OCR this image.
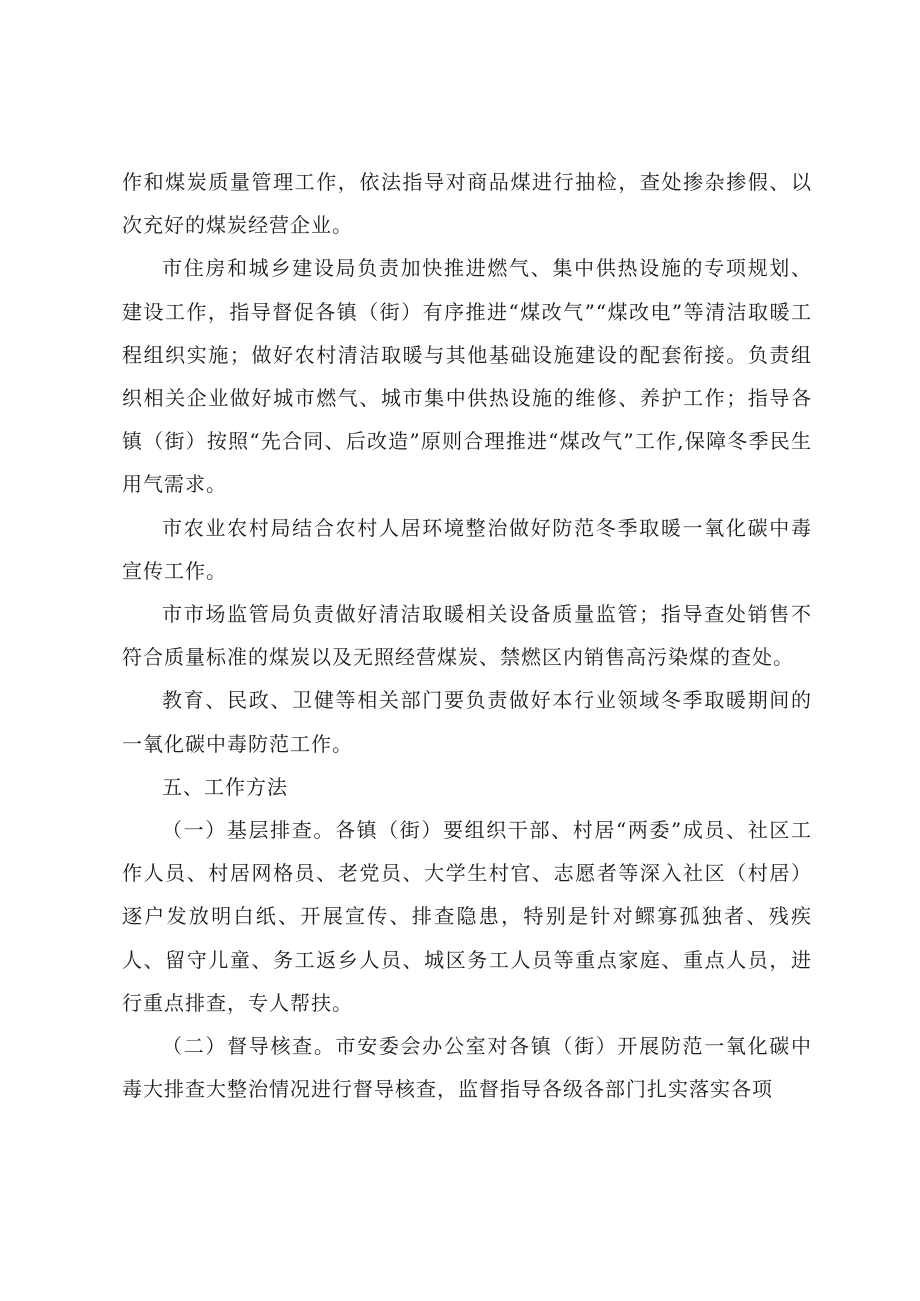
作和煤炭质量管理工作，依法指导对商品煤进行抽检，查处掺杂掺假、以次充好的煤炭经营企业。

市住房和城乡建设局负责加快推进燃气、集中供热设施的专项规划、建设工作，指导督促各镇（街）有序推进“煤改气”“煤改电”等清洁取暖工程组织实施；做好农村清洁取暖与其他基础设施建设的配套衔接。负责组织相关企业做好城市燃气、城市集中供热设施的维修、养护工作；指导各镇（街）按照“先合同、后改造”原则合理推进“煤改气”工作,保障冬季民生用气需求。

市农业农村局结合农村人居环境整治做好防范冬季取暖一氧化碳中毒宣传工作。

市市场监管局负责做好清洁取暖相关设备质量监管；指导查处销售不符合质量标准的煤炭以及无照经营煤炭、禁燃区内销售高污染煤的查处。

教育、民政、卫健等相关部门要负责做好本行业领域冬季取暖期间的一氧化碳中毒防范工作。

五、工作方法

（一）基层排查。各镇（街）要组织干部、村居“两委”成员、社区工作人员、村居网格员、老党员、大学生村官、志愿者等深入社区（村居）逐户发放明白纸、开展宣传、排查隐患，特别是针对鳏寡孤独者、残疾人、留守儿童、务工返乡人员、城区务工人员等重点家庭、重点人员，进行重点排查，专人帮扶。

（二）督导核查。市安委会办公室对各镇（街）开展防范一氧化碳中毒大排查大整治情况进行督导核查，监督指导各级各部门扎实落实各项
